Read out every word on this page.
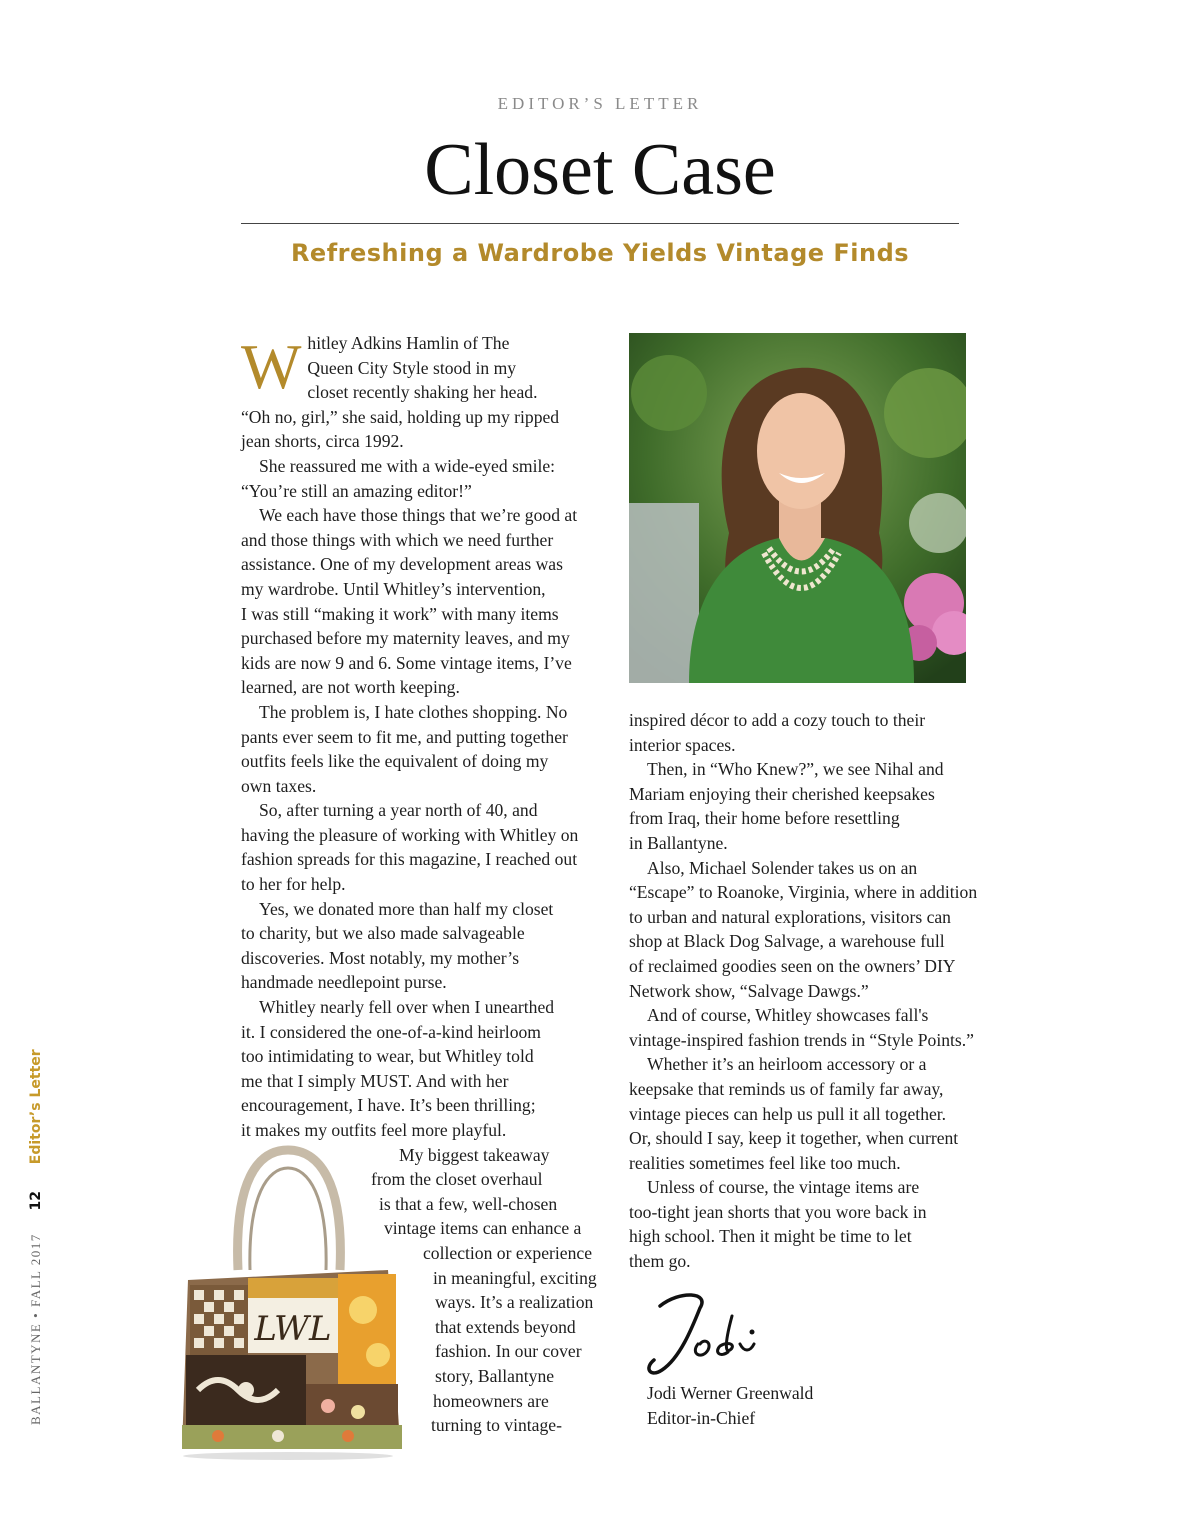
EDITOR’S LETTER
Closet Case
Refreshing a Wardrobe Yields Vintage Finds

W hitley Adkins Hamlin of The
Queen City Style stood in my
closet recently shaking her head.
“Oh no, girl,” she said, holding up my ripped
jean shorts, circa 1992.

She reassured me with a wide-eyed smile:
“You’re still an amazing editor!”

We each have those things that we’re good at
and those things with which we need further
assistance. One of my development areas was
my wardrobe. Until Whitley’s intervention,
I was still “making it work” with many items
purchased before my maternity leaves, and my
kids are now 9 and 6. Some vintage items, I’ve
learned, are not worth keeping.

The problem is, I hate clothes shopping. No
pants ever seem to fit me, and putting together
outfits feels like the equivalent of doing my
own taxes.

So, after turning a year north of 40, and
having the pleasure of working with Whitley on
fashion spreads for this magazine, I reached out
to her for help.

Yes, we donated more than half my closet
to charity, but we also made salvageable
discoveries. Most notably, my mother’s
handmade needlepoint purse.

Whitley nearly fell over when I unearthed
it. I considered the one-of-a-kind heirloom
too intimidating to wear, but Whitley told
me that I simply MUST. And with her
encouragement, I have. It’s been thrilling;
it makes my outfits feel more playful.

My biggest takeaway
from the closet overhaul
is that a few, well-chosen
vintage items can enhance a
collection or experience
in meaningful, exciting
ways. It’s a realization
that extends beyond
fashion. In our cover
story, Ballantyne
homeowners are
turning to vintage-

LWL

inspired décor to add a cozy touch to their
interior spaces.

Then, in “Who Knew?”, we see Nihal and
Mariam enjoying their cherished keepsakes
from Iraq, their home before resettling
in Ballantyne.

Also, Michael Solender takes us on an
“Escape” to Roanoke, Virginia, where in addition
to urban and natural explorations, visitors can
shop at Black Dog Salvage, a warehouse full
of reclaimed goodies seen on the owners’ DIY
Network show, “Salvage Dawgs.”

And of course, Whitley showcases fall's
vintage-inspired fashion trends in “Style Points.”

Whether it’s an heirloom accessory or a
keepsake that reminds us of family far away,
vintage pieces can help us pull it all together.
Or, should I say, keep it together, when current
realities sometimes feel like too much.

Unless of course, the vintage items are
too-tight jean shorts that you wore back in
high school. Then it might be time to let
them go.

Jodi
Jodi Werner Greenwald
Editor-in-Chief
BALLANTYNE • FALL 2017 12 Editor’s Letter
